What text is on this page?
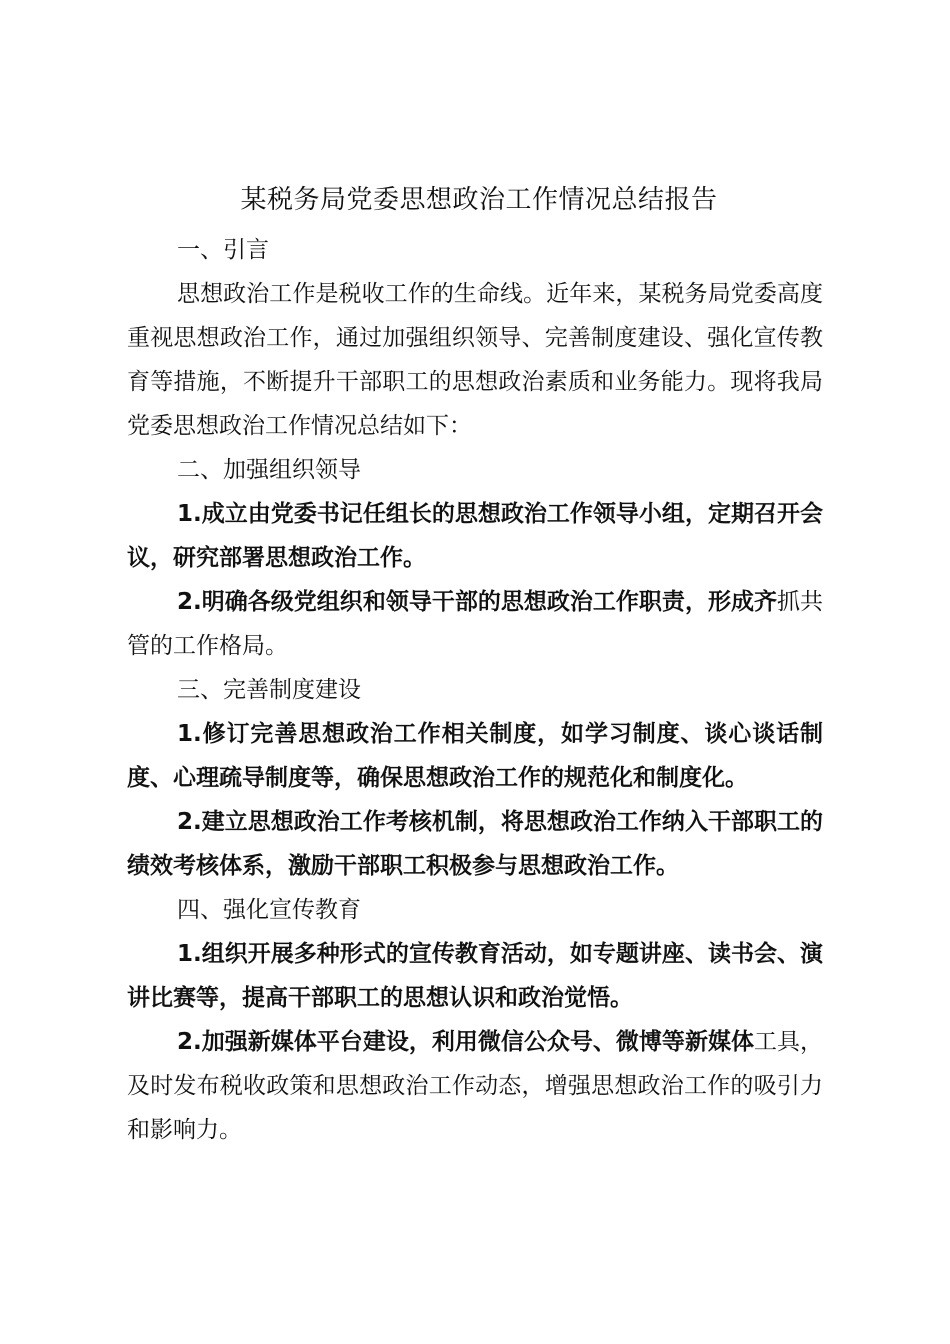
某税务局党委思想政治工作情况总结报告

一、引言

思想政治工作是税收工作的生命线。近年来，某税务局党委高度重视思想政治工作，通过加强组织领导、完善制度建设、强化宣传教育等措施，不断提升干部职工的思想政治素质和业务能力。现将我局党委思想政治工作情况总结如下：

二、加强组织领导

1.成立由党委书记任组长的思想政治工作领导小组，定期召开会议，研究部署思想政治工作。

2.明确各级党组织和领导干部的思想政治工作职责，形成齐抓共管的工作格局。

三、完善制度建设

1.修订完善思想政治工作相关制度，如学习制度、谈心谈话制度、心理疏导制度等，确保思想政治工作的规范化和制度化。

2.建立思想政治工作考核机制，将思想政治工作纳入干部职工的绩效考核体系，激励干部职工积极参与思想政治工作。

四、强化宣传教育

1.组织开展多种形式的宣传教育活动，如专题讲座、读书会、演讲比赛等，提高干部职工的思想认识和政治觉悟。

2.加强新媒体平台建设，利用微信公众号、微博等新媒体工具，及时发布税收政策和思想政治工作动态，增强思想政治工作的吸引力和影响力。
